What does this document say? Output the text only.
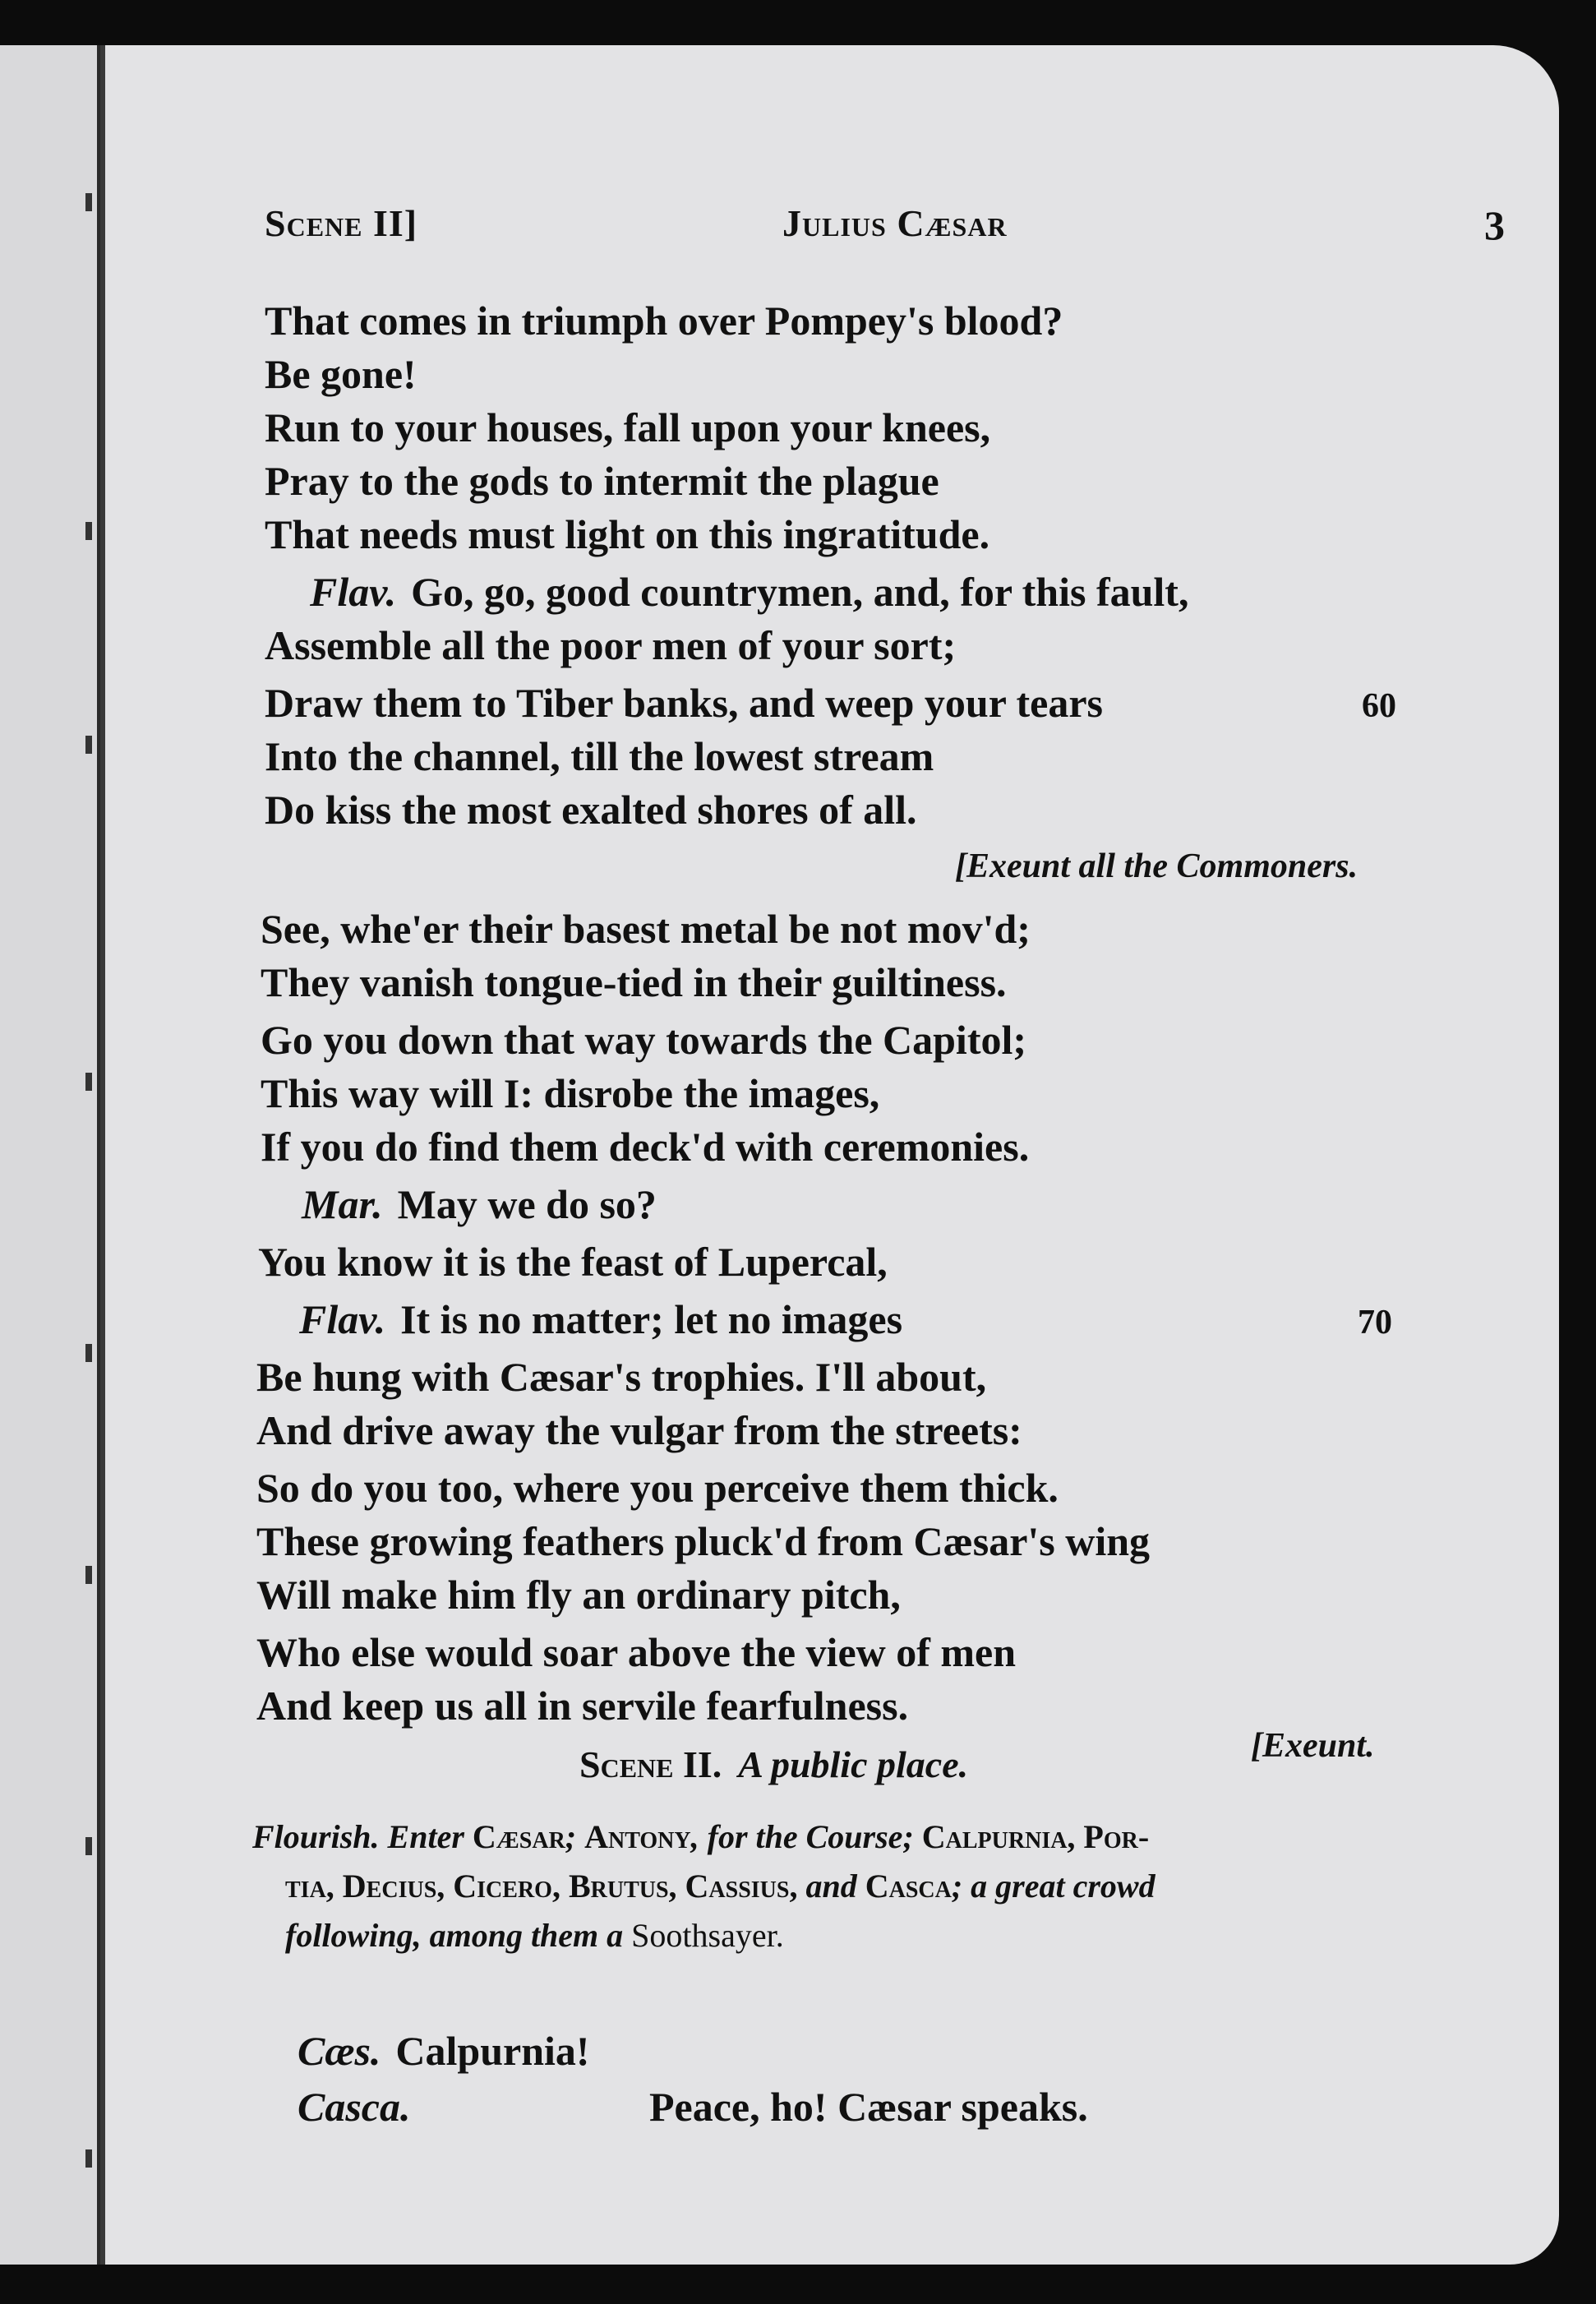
Scene II]	Julius Cæsar	3
That comes in triumph over Pompey's blood?
Be gone!
Run to your houses, fall upon your knees,
Pray to the gods to intermit the plague
That needs must light on this ingratitude.
Flav. Go, go, good countrymen, and, for this fault,
Assemble all the poor men of your sort;
Draw them to Tiber banks, and weep your tears	60
Into the channel, till the lowest stream
Do kiss the most exalted shores of all.
[Exeunt all the Commoners.
See, whe'er their basest metal be not mov'd;
They vanish tongue-tied in their guiltiness.
Go you down that way towards the Capitol;
This way will I: disrobe the images,
If you do find them deck'd with ceremonies.
Mar. May we do so?
You know it is the feast of Lupercal,
Flav. It is no matter; let no images	70
Be hung with Cæsar's trophies. I'll about,
And drive away the vulgar from the streets:
So do you too, where you perceive them thick.
These growing feathers pluck'd from Cæsar's wing
Will make him fly an ordinary pitch,
Who else would soar above the view of men
And keep us all in servile fearfulness.
[Exeunt.
Scene II. A public place.
Flourish. Enter Cæsar; Antony, for the Course; Calpurnia, Por-
tia, Decius, Cicero, Brutus, Cassius, and Casca; a great crowd
following, among them a Soothsayer.
Cæs. Calpurnia!
Casca.	Peace, ho! Cæsar speaks.
